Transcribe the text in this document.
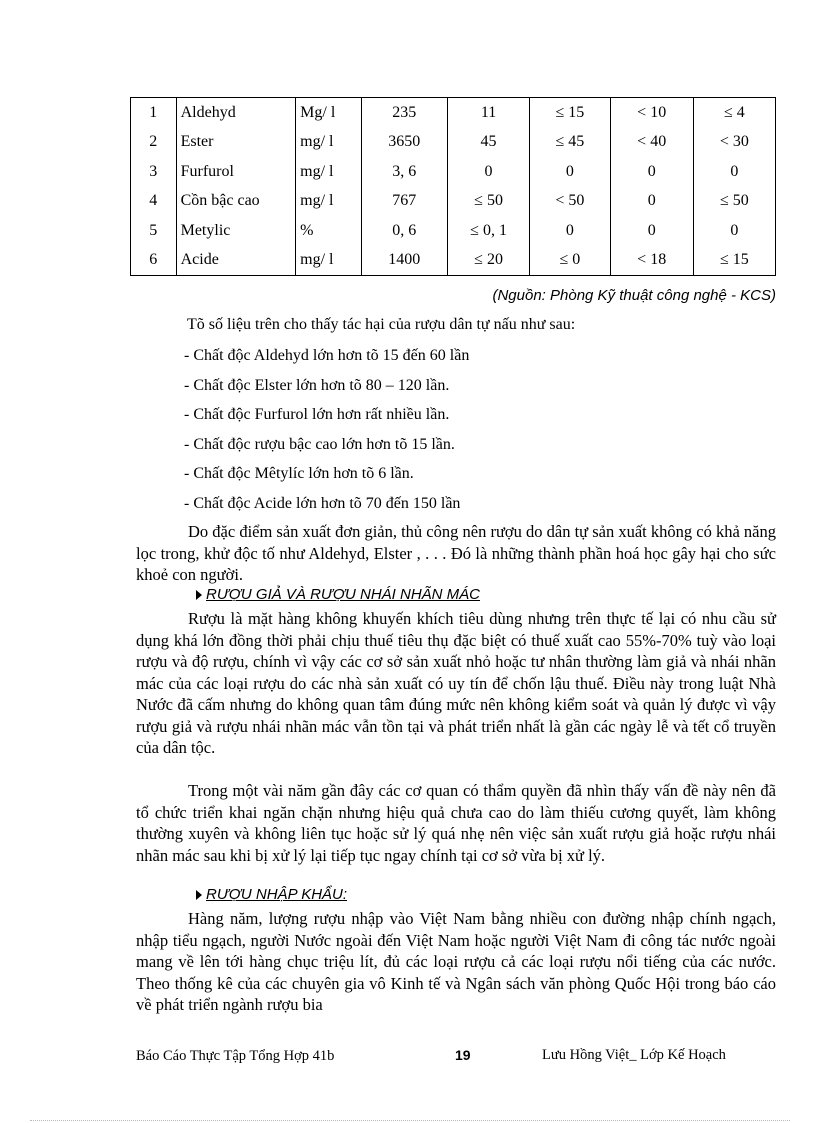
1	Aldehyd	Mg/ l	235	11	≤ 15	< 10	≤ 4
2	Ester	mg/ l	3650	45	≤ 45	< 40	< 30
3	Furfurol	mg/ l	3, 6	0	0	0	0
4	Cồn bậc cao	mg/ l	767	≤ 50	< 50	0	≤ 50
5	Metylic	%	0, 6	≤ 0, 1	0	0	0
6	Acide	mg/ l	1400	≤ 20	≤ 0	< 18	≤ 15
(Nguồn: Phòng Kỹ thuật công nghệ - KCS)
Tõ số liệu trên cho thấy tác hại của rượu dân tự nấu như sau:
- Chất độc Aldehyd lớn hơn tõ 15 đến 60 lần
- Chất độc Elster lớn hơn tõ 80 – 120 lần.
- Chất độc Furfurol lớn hơn rất nhiều lần.
- Chất độc rượu bậc cao lớn hơn tõ 15 lần.
- Chất độc Mêtylíc lớn hơn tõ 6 lần.
- Chất độc Acide lớn hơn tõ 70 đến 150 lần

Do đặc điểm sản xuất đơn giản, thủ công nên rượu do dân tự sản xuất không có khả năng lọc trong, khử độc tố như Aldehyd, Elster , . . . Đó là những thành phần hoá học gây hại cho sức khoẻ con người.

RƯỢU GIẢ VÀ RƯỢU NHÁI NHÃN MÁC

Rượu là mặt hàng không khuyến khích tiêu dùng nhưng trên thực tế lại có nhu cầu sử dụng khá lớn đồng thời phải chịu thuế tiêu thụ đặc biệt có thuế xuất cao 55%-70% tuỳ vào loại rượu và độ rượu, chính vì vậy các cơ sở sản xuất nhỏ hoặc tư nhân thường làm giả và nhái nhãn mác của các loại rượu do các nhà sản xuất có uy tín để chốn lậu thuế. Điều này trong luật Nhà Nước đã cấm nhưng do không quan tâm đúng mức nên không kiểm soát và quản lý được vì vậy rượu giả và rượu nhái nhãn mác vẫn tồn tại và phát triển nhất là gần các ngày lễ và tết cổ truyền của dân tộc.

Trong một vài năm gần đây các cơ quan có thẩm quyền đã nhìn thấy vấn đề này nên đã tổ chức triển khai ngăn chặn nhưng hiệu quả chưa cao do làm thiếu cương quyết, làm không thường xuyên và không liên tục hoặc sử lý quá nhẹ nên việc sản xuất rượu giả hoặc rượu nhái nhãn mác sau khi bị xử lý lại tiếp tục ngay chính tại cơ sở vừa bị xử lý.

RƯỢU NHẬP KHẨU:

Hàng năm, lượng rượu nhập vào Việt Nam bằng nhiều con đường nhập chính ngạch, nhập tiểu ngạch, người Nước ngoài đến Việt Nam hoặc người Việt Nam đi công tác nước ngoài mang về lên tới hàng chục triệu lít, đủ các loại rượu cả các loại rượu nổi tiếng của các nước. Theo thống kê của các chuyên gia vô Kinh tế và Ngân sách văn phòng Quốc Hội trong báo cáo về phát triển ngành rượu bia

Báo Cáo Thực Tập Tổng Hợp 41b	19	Lưu Hồng Việt_ Lớp Kế Hoạch
